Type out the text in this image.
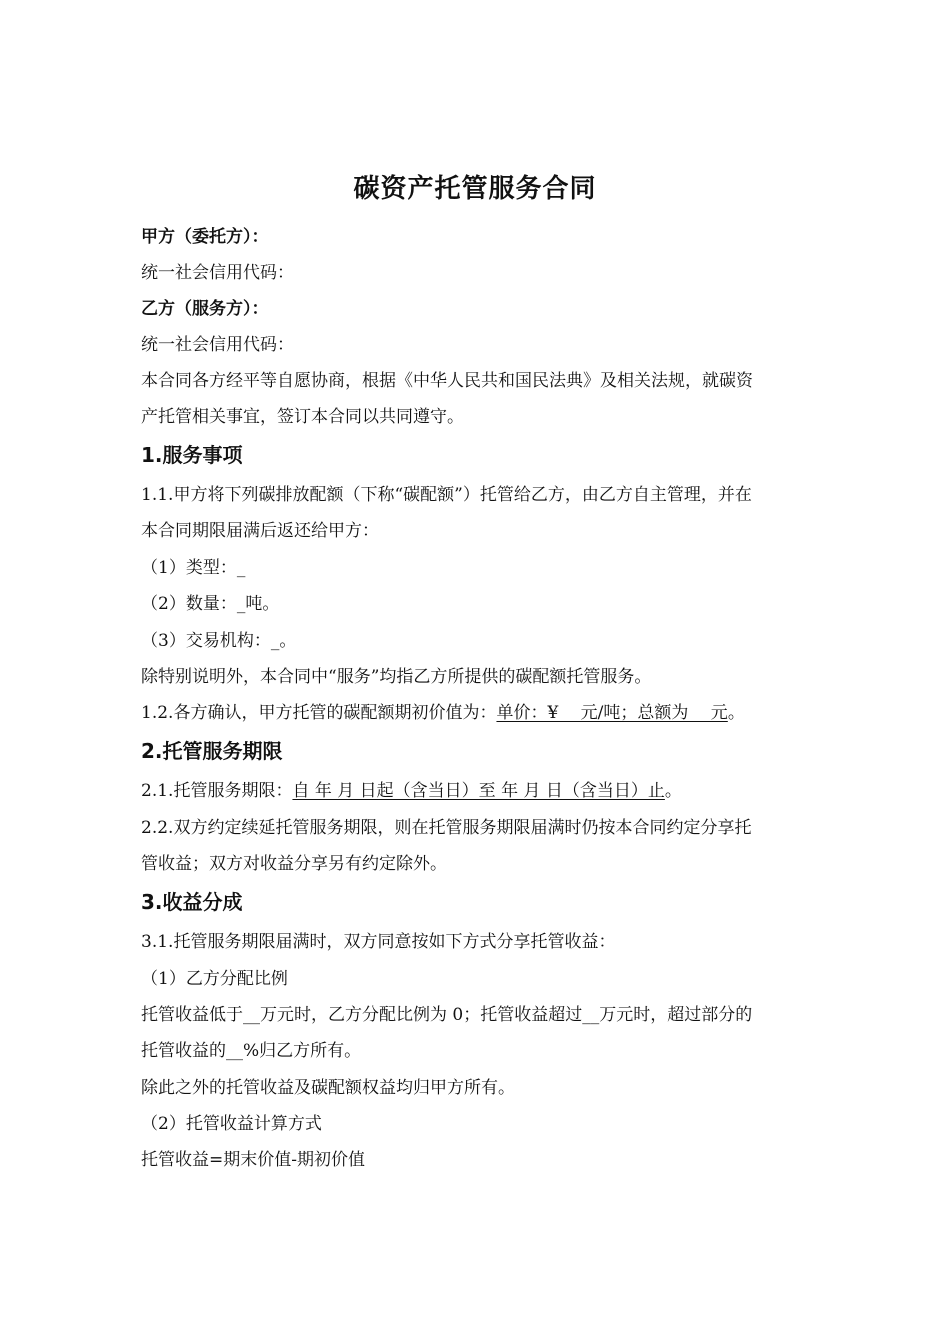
碳资产托管服务合同
甲方（委托方）：
统一社会信用代码：
乙方（服务方）：
统一社会信用代码：
本合同各方经平等自愿协商，根据《中华人民共和国民法典》及相关法规，就碳资
产托管相关事宜，签订本合同以共同遵守。
1.服务事项
1.1.甲方将下列碳排放配额（下称“碳配额”）托管给乙方，由乙方自主管理，并在
本合同期限届满后返还给甲方：
（1）类型：_
（2）数量：_吨。
（3）交易机构：_。
除特别说明外，本合同中“服务”均指乙方所提供的碳配额托管服务。
1.2.各方确认，甲方托管的碳配额期初价值为：单价：¥　 元/吨；总额为　 元。
2.托管服务期限
2.1.托管服务期限：自 年 月 日起（含当日）至 年 月 日（含当日）止。
2.2.双方约定续延托管服务期限，则在托管服务期限届满时仍按本合同约定分享托
管收益；双方对收益分享另有约定除外。
3.收益分成
3.1.托管服务期限届满时，双方同意按如下方式分享托管收益：
（1）乙方分配比例
托管收益低于__万元时，乙方分配比例为 0；托管收益超过__万元时，超过部分的
托管收益的__%归乙方所有。
除此之外的托管收益及碳配额权益均归甲方所有。
（2）托管收益计算方式
托管收益=期末价值-期初价值
